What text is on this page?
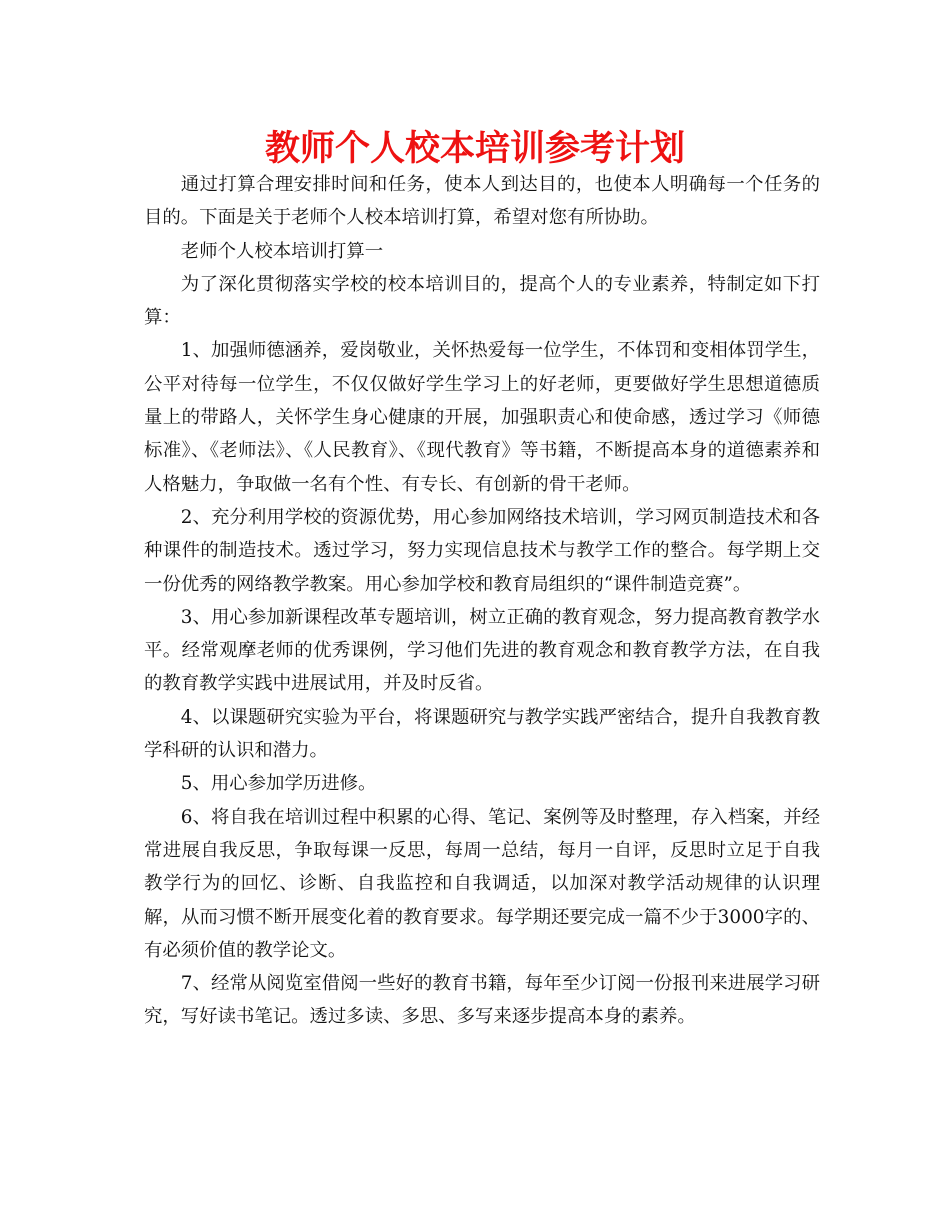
教师个人校本培训参考计划

通过打算合理安排时间和任务，使本人到达目的，也使本人明确每一个任务的目的。下面是关于老师个人校本培训打算，希望对您有所协助。

老师个人校本培训打算一

为了深化贯彻落实学校的校本培训目的，提高个人的专业素养，特制定如下打算：

1、加强师德涵养，爱岗敬业，关怀热爱每一位学生，不体罚和变相体罚学生，公平对待每一位学生，不仅仅做好学生学习上的好老师，更要做好学生思想道德质量上的带路人，关怀学生身心健康的开展，加强职责心和使命感，透过学习《师德标准》、《老师法》、《人民教育》、《现代教育》等书籍，不断提高本身的道德素养和人格魅力，争取做一名有个性、有专长、有创新的骨干老师。

2、充分利用学校的资源优势，用心参加网络技术培训，学习网页制造技术和各种课件的制造技术。透过学习，努力实现信息技术与教学工作的整合。每学期上交一份优秀的网络教学教案。用心参加学校和教育局组织的“课件制造竞赛”。

3、用心参加新课程改革专题培训，树立正确的教育观念，努力提高教育教学水平。经常观摩老师的优秀课例，学习他们先进的教育观念和教育教学方法，在自我的教育教学实践中进展试用，并及时反省。

4、以课题研究实验为平台，将课题研究与教学实践严密结合，提升自我教育教学科研的认识和潜力。

5、用心参加学历进修。

6、将自我在培训过程中积累的心得、笔记、案例等及时整理，存入档案，并经常进展自我反思，争取每课一反思，每周一总结，每月一自评，反思时立足于自我教学行为的回忆、诊断、自我监控和自我调适，以加深对教学活动规律的认识理解，从而习惯不断开展变化着的教育要求。每学期还要完成一篇不少于3000字的、有必须价值的教学论文。

7、经常从阅览室借阅一些好的教育书籍，每年至少订阅一份报刊来进展学习研究，写好读书笔记。透过多读、多思、多写来逐步提高本身的素养。
